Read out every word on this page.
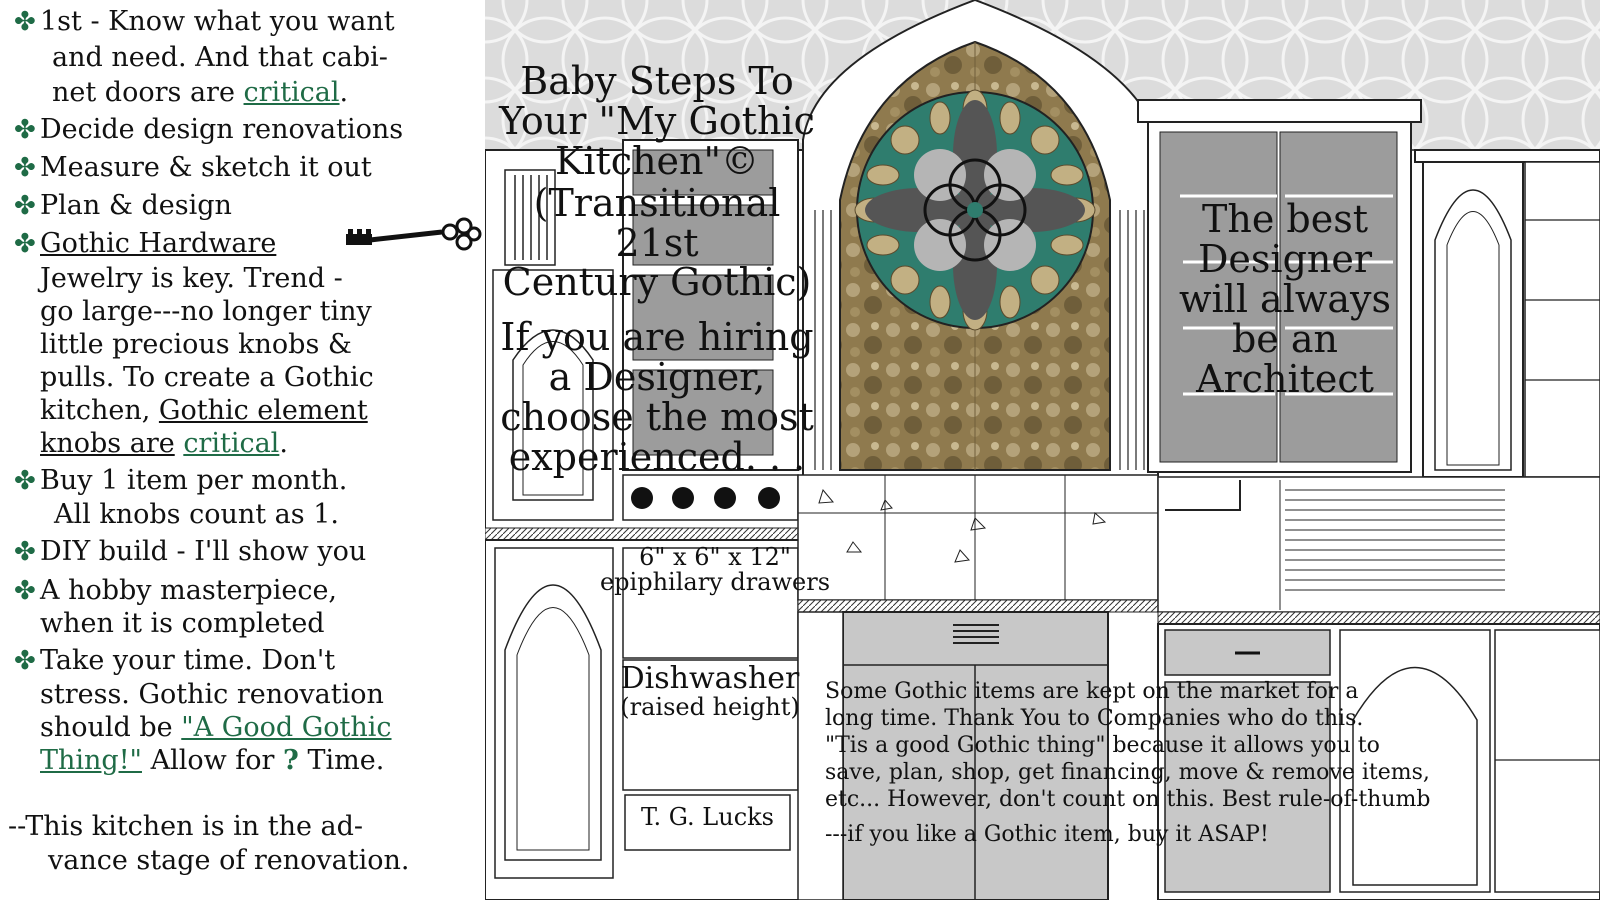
✤ 1st - Know what you want
and need. And that cabi-
net doors are critical.
✤ Decide design renovations
✤ Measure & sketch it out
✤ Plan & design
✤ Gothic Hardware
Jewelry is key. Trend -
go large---no longer tiny
little precious knobs &
pulls. To create a Gothic
kitchen, Gothic element
knobs are critical.
✤ Buy 1 item per month.
All knobs count as 1.
✤ DIY build - I'll show you
✤ A hobby masterpiece,
when it is completed
✤ Take your time. Don't
stress. Gothic renovation
should be "A Good Gothic
Thing!" Allow for ? Time.
--This kitchen is in the ad-
vance stage of renovation.
Baby Steps To
Your "My Gothic
Kitchen"©
(Transitional 21st
Century Gothic)
If you are hiring
a Designer,
choose the most
experienced. . .
The best
Designer
will always
be an
Architect
6" x 6" x 12"
epiphilary drawers
Dishwasher
(raised height)
T. G. Lucks
Some Gothic items are kept on the market for a
long time. Thank You to Companies who do this.
"Tis a good Gothic thing" because it allows you to
save, plan, shop, get financing, move & remove items,
etc... However, don't count on this. Best rule-of-thumb
---if you like a Gothic item, buy it ASAP!
